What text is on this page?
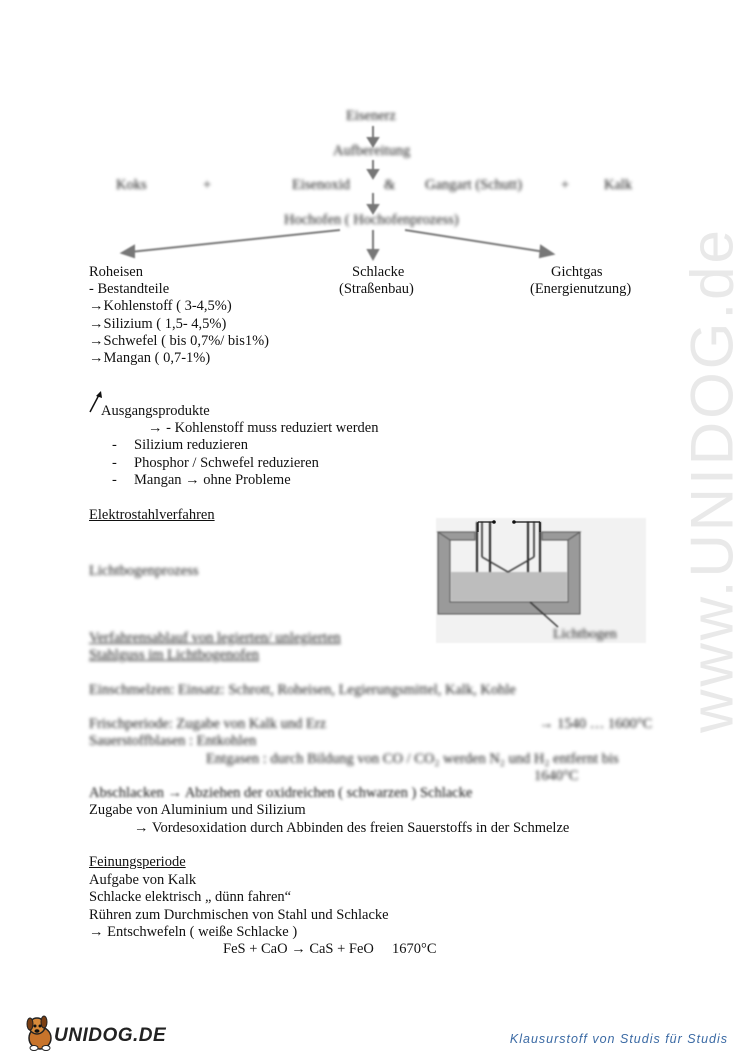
www.UNIDOG.de
Eisenerz
Aufbereitung
Koks	+	Eisenoxid & Gangart (Schutt)	+ Kalk
Hochofen ( Hochofenprozess)
Roheisen
- Bestandteile
→Kohlenstoff ( 3-4,5%)
→Silizium ( 1,5- 4,5%)
→Schwefel ( bis 0,7%/ bis1%)
→Mangan ( 0,7-1%)
Schlacke
(Straßenbau)
Gichtgas
(Energienutzung)
Ausgangsprodukte
→ - Kohlenstoff muss reduziert werden
- Silizium reduzieren
- Phosphor / Schwefel reduzieren
- Mangan → ohne Probleme
Elektrostahlverfahren
Lichtbogen
Lichtbogenprozess
Verfahrensablauf von legierten/ unlegierten
Stahlguss im Lichtbogenofen
Einschmelzen: Einsatz: Schrott, Roheisen, Legierungsmittel, Kalk, Kohle
Frischperiode: Zugabe von Kalk und Erz	→ 1540 … 1600°C
Sauerstoffblasen : Entkohlen
Entgasen : durch Bildung von CO / CO₂ werden N₂ und H₂ entfernt bis
1640°C
Abschlacken → Abziehen der oxidreichen ( schwarzen ) Schlacke
Zugabe von Aluminium und Silizium
→ Vordesoxidation durch Abbinden des freien Sauerstoffs in der Schmelze
Feinungsperiode
Aufgabe von Kalk
Schlacke elektrisch „ dünn fahren“
Rühren zum Durchmischen von Stahl und Schlacke
→ Entschwefeln ( weiße Schlacke )
FeS + CaO → CaS + FeO     1670°C
UNIDOG.DE	Klausurstoff von Studis für Studis
